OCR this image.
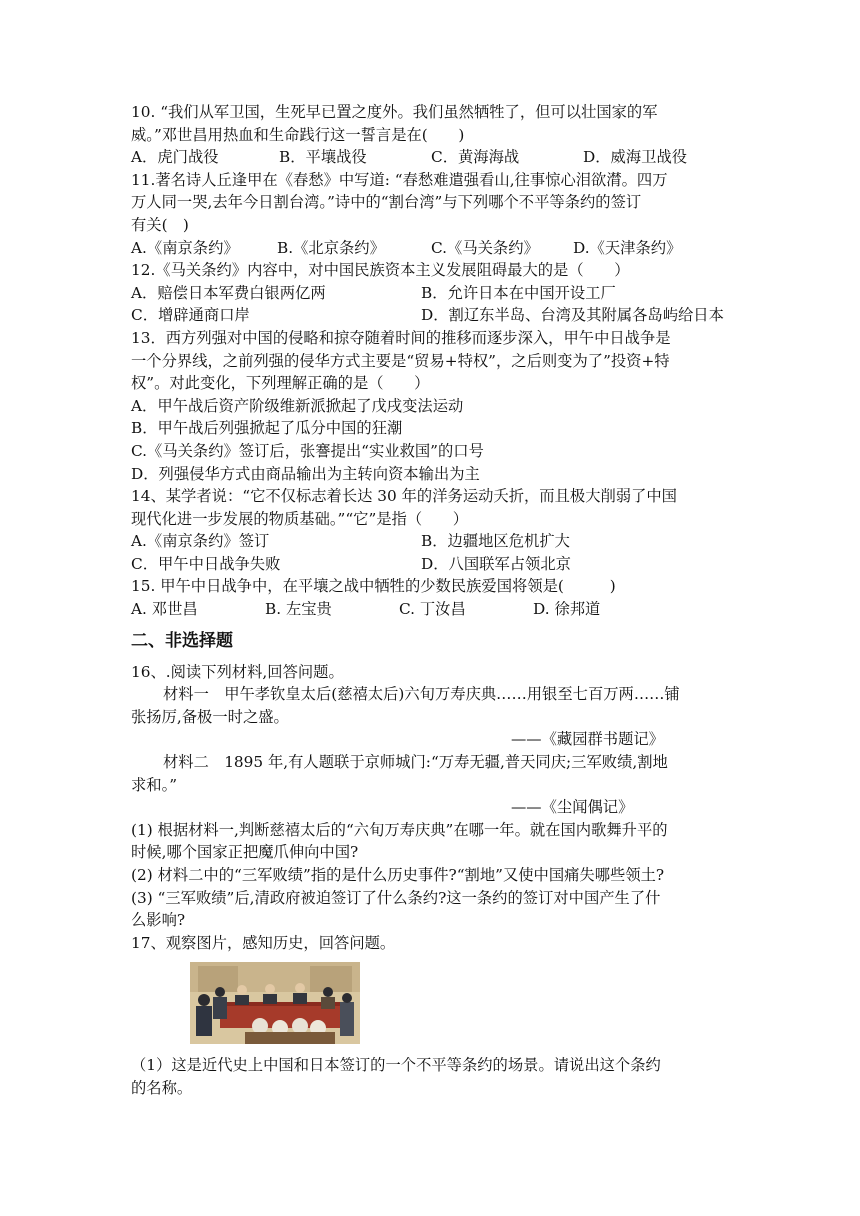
10. “我们从军卫国，生死早已置之度外。我们虽然牺牲了，但可以壮国家的军
威。”邓世昌用热血和生命践行这一誓言是在(　　)
A．虎门战役	B．平壤战役	C．黄海海战	D．威海卫战役
11.著名诗人丘逢甲在《春愁》中写道: “春愁难遣强看山,往事惊心泪欲潸。四万
万人同一哭,去年今日割台湾。”诗中的“割台湾”与下列哪个不平等条约的签订
有关(　)
A.《南京条约》	B.《北京条约》	C.《马关条约》	D.《天津条约》
12.《马关条约》内容中，对中国民族资本主义发展阻碍最大的是（　　）
A．赔偿日本军费白银两亿两	B．允许日本在中国开设工厂
C．增辟通商口岸	D．割辽东半岛、台湾及其附属各岛屿给日本
13．西方列强对中国的侵略和掠夺随着时间的推移而逐步深入，甲午中日战争是
一个分界线，之前列强的侵华方式主要是“贸易+特权”，之后则变为了”投资+特
权”。对此变化，下列理解正确的是（　　）
A．甲午战后资产阶级维新派掀起了戊戌变法运动
B．甲午战后列强掀起了瓜分中国的狂潮
C.《马关条约》签订后，张謇提出“实业救国”的口号
D．列强侵华方式由商品输出为主转向资本输出为主
14、某学者说：“它不仅标志着长达 30 年的洋务运动夭折，而且极大削弱了中国
现代化进一步发展的物质基础。”“它”是指（　　）
A.《南京条约》签订	B．边疆地区危机扩大
C．甲午中日战争失败	D．八国联军占领北京
15. 甲午中日战争中，在平壤之战中牺牲的少数民族爱国将领是(　　　)
A. 邓世昌	B. 左宝贵	C. 丁汝昌	D. 徐邦道
二、非选择题
16、.阅读下列材料,回答问题。
材料一　甲午孝钦皇太后(慈禧太后)六旬万寿庆典……用银至七百万两……铺
张扬厉,备极一时之盛。
——《藏园群书题记》
材料二　1895 年,有人题联于京师城门:“万寿无疆,普天同庆;三军败绩,割地
求和。”
——《尘闻偶记》
(1) 根据材料一,判断慈禧太后的“六旬万寿庆典”在哪一年。就在国内歌舞升平的
时候,哪个国家正把魔爪伸向中国?
(2) 材料二中的“三军败绩”指的是什么历史事件?“割地”又使中国痛失哪些领土?
(3) “三军败绩”后,清政府被迫签订了什么条约?这一条约的签订对中国产生了什
么影响?
17、观察图片，感知历史，回答问题。
（1）这是近代史上中国和日本签订的一个不平等条约的场景。请说出这个条约
的名称。
